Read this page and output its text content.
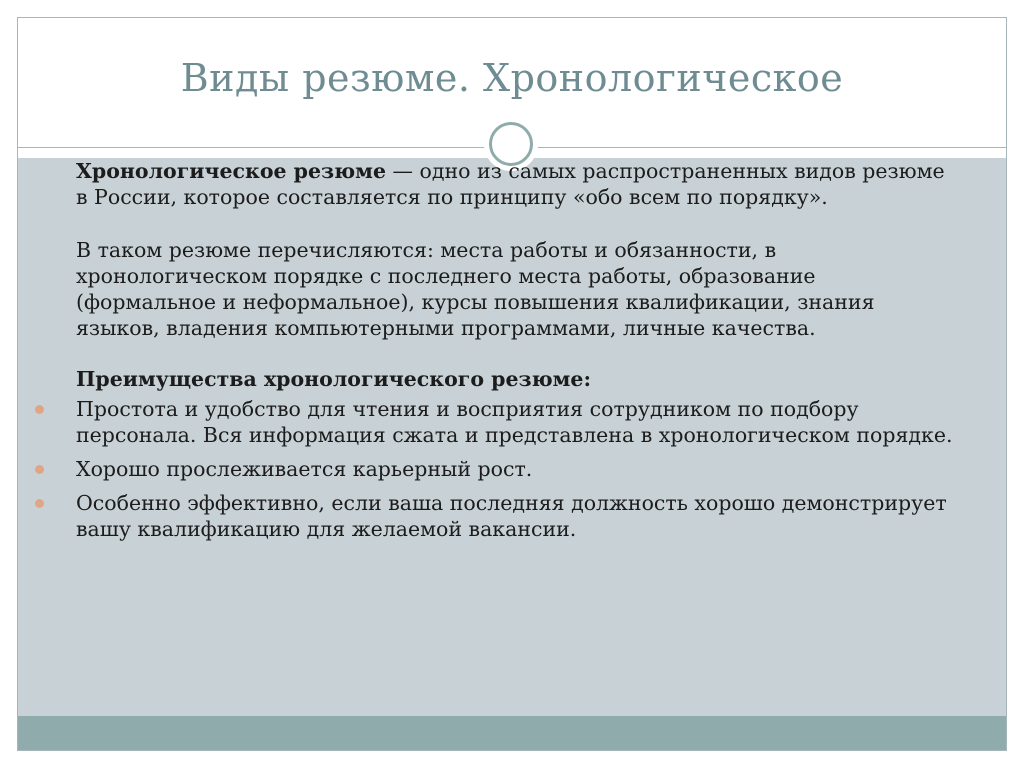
Виды резюме. Хронологическое
Хронологическое резюме — одно из самых распространенных видов резюме в России, которое составляется по принципу «обо всем по порядку».
В таком резюме перечисляются: места работы и обязанности, в хронологическом порядке с последнего места работы, образование (формальное и неформальное), курсы повышения квалификации, знания языков, владения компьютерными программами, личные качества.
Преимущества хронологического резюме:
Простота и удобство для чтения и восприятия сотрудником по подбору персонала. Вся информация сжата и представлена в хронологическом порядке.
Хорошо прослеживается карьерный рост.
Особенно эффективно, если ваша последняя должность хорошо демонстрирует вашу квалификацию для желаемой вакансии.
